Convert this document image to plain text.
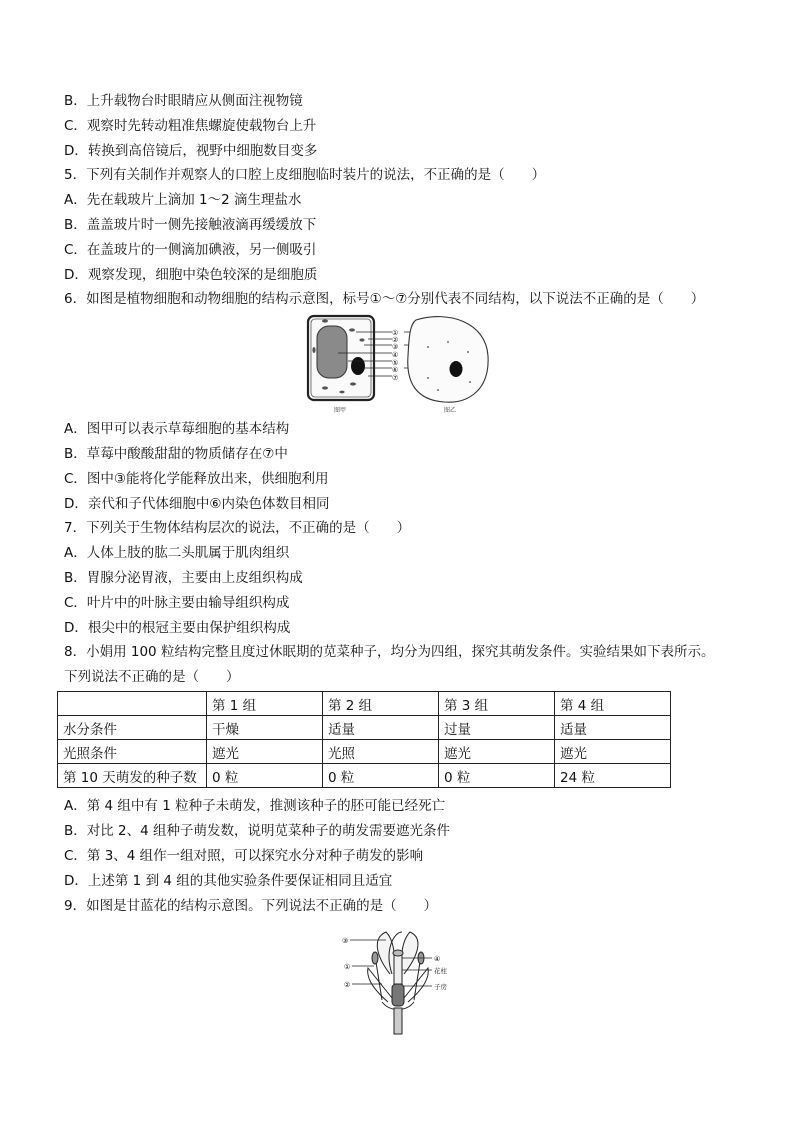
B．上升载物台时眼睛应从侧面注视物镜
C．观察时先转动粗准焦螺旋使载物台上升
D．转换到高倍镜后，视野中细胞数目变多
5．下列有关制作并观察人的口腔上皮细胞临时装片的说法，不正确的是（　　）
A．先在载玻片上滴加 1～2 滴生理盐水
B．盖盖玻片时一侧先接触液滴再缓缓放下
C．在盖玻片的一侧滴加碘液，另一侧吸引
D．观察发现，细胞中染色较深的是细胞质
6．如图是植物细胞和动物细胞的结构示意图，标号①～⑦分别代表不同结构，以下说法不正确的是（　　）
①
②
③
④
⑤
⑥
⑦
图甲	图乙
A．图甲可以表示草莓细胞的基本结构
B．草莓中酸酸甜甜的物质储存在⑦中
C．图中③能将化学能释放出来，供细胞利用
D．亲代和子代体细胞中⑥内染色体数目相同
7．下列关于生物体结构层次的说法，不正确的是（　　）
A．人体上肢的肱二头肌属于肌肉组织
B．胃腺分泌胃液，主要由上皮组织构成
C．叶片中的叶脉主要由输导组织构成
D．根尖中的根冠主要由保护组织构成
8．小娟用 100 粒结构完整且度过休眠期的苋菜种子，均分为四组，探究其萌发条件。实验结果如下表所示。
下列说法不正确的是（　　）
	第 1 组	第 2 组	第 3 组	第 4 组
水分条件	干燥	适量	过量	适量
光照条件	遮光	光照	遮光	遮光
第 10 天萌发的种子数	0 粒	0 粒	0 粒	24 粒
A．第 4 组中有 1 粒种子未萌发，推测该种子的胚可能已经死亡
B．对比 2、4 组种子萌发数，说明苋菜种子的萌发需要遮光条件
C．第 3、4 组作一组对照，可以探究水分对种子萌发的影响
D．上述第 1 到 4 组的其他实验条件要保证相同且适宜
9．如图是甘蓝花的结构示意图。下列说法不正确的是（　　）
③
①
②
④
花柱
子房
